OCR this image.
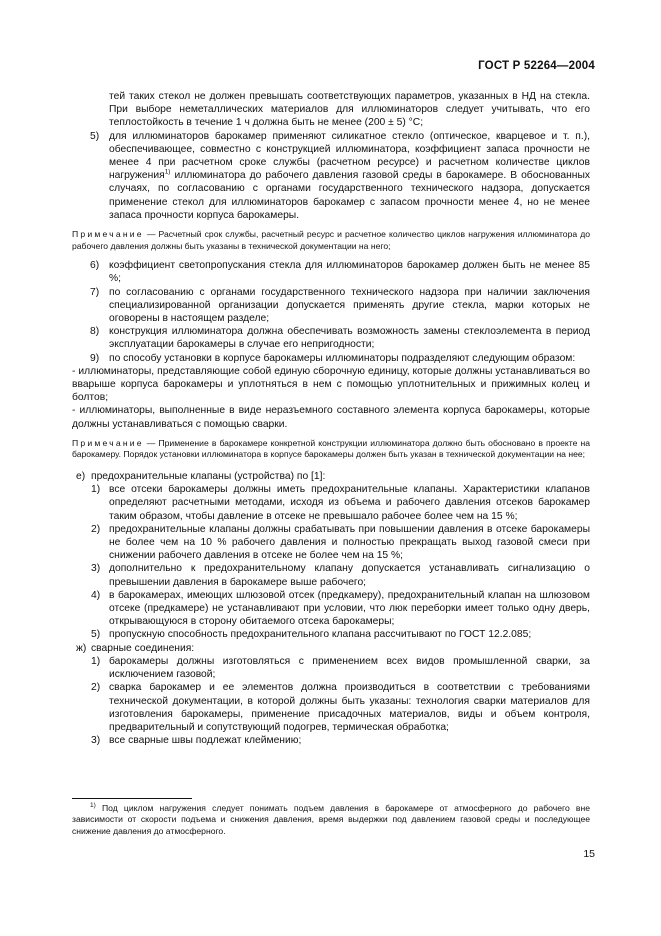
ГОСТ Р 52264—2004

тей таких стекол не должен превышать соответствующих параметров, указанных в НД на стекла. При выборе неметаллических материалов для иллюминаторов следует учитывать, что его теплостойкость в течение 1 ч должна быть не менее (200 ± 5) °С;

5) для иллюминаторов барокамер применяют силикатное стекло (оптическое, кварцевое и т. п.), обеспечивающее, совместно с конструкцией иллюминатора, коэффициент запаса прочности не менее 4 при расчетном сроке службы (расчетном ресурсе) и расчетном количестве циклов нагружения$^{1)}$ иллюминатора до рабочего давления газовой среды в барокамере. В обоснованных случаях, по согласованию с органами государственного технического надзора, допускается применение стекол для иллюминаторов барокамер с запасом прочности менее 4, но не менее запаса прочности корпуса барокамеры.

Примечание — Расчетный срок службы, расчетный ресурс и расчетное количество циклов нагружения иллюминатора до рабочего давления должны быть указаны в технической документации на него;

6) коэффициент светопропускания стекла для иллюминаторов барокамер должен быть не менее 85 %;
7) по согласованию с органами государственного технического надзора при наличии заключения специализированной организации допускается применять другие стекла, марки которых не оговорены в настоящем разделе;
8) конструкция иллюминатора должна обеспечивать возможность замены стеклоэлемента в период эксплуатации барокамеры в случае его непригодности;
9) по способу установки в корпусе барокамеры иллюминаторы подразделяют следующим образом:

- иллюминаторы, представляющие собой единую сборочную единицу, которые должны устанавливаться во вварыше корпуса барокамеры и уплотняться в нем с помощью уплотнительных и прижимных колец и болтов;

- иллюминаторы, выполненные в виде неразъемного составного элемента корпуса барокамеры, которые должны устанавливаться с помощью сварки.

Примечание — Применение в барокамере конкретной конструкции иллюминатора должно быть обосновано в проекте на барокамеру. Порядок установки иллюминатора в корпусе барокамеры должен быть указан в технической документации на нее;

е) предохранительные клапаны (устройства) по [1]:
1) все отсеки барокамеры должны иметь предохранительные клапаны. Характеристики клапанов определяют расчетными методами, исходя из объема и рабочего давления отсеков барокамер таким образом, чтобы давление в отсеке не превышало рабочее более чем на 15 %;
2) предохранительные клапаны должны срабатывать при повышении давления в отсеке барокамеры не более чем на 10 % рабочего давления и полностью прекращать выход газовой смеси при снижении рабочего давления в отсеке не более чем на 15 %;
3) дополнительно к предохранительному клапану допускается устанавливать сигнализацию о превышении давления в барокамере выше рабочего;
4) в барокамерах, имеющих шлюзовой отсек (предкамеру), предохранительный клапан на шлюзовом отсеке (предкамере) не устанавливают при условии, что люк переборки имеет только одну дверь, открывающуюся в сторону обитаемого отсека барокамеры;
5) пропускную способность предохранительного клапана рассчитывают по ГОСТ 12.2.085;
ж) сварные соединения:
1) барокамеры должны изготовляться с применением всех видов промышленной сварки, за исключением газовой;
2) сварка барокамер и ее элементов должна производиться в соответствии с требованиями технической документации, в которой должны быть указаны: технология сварки материалов для изготовления барокамеры, применение присадочных материалов, виды и объем контроля, предварительный и сопутствующий подогрев, термическая обработка;
3) все сварные швы подлежат клеймению;
$^{1)}$ Под циклом нагружения следует понимать подъем давления в барокамере от атмосферного до рабочего вне зависимости от скорости подъема и снижения давления, время выдержки под давлением газовой среды и последующее снижение давления до атмосферного.
15
